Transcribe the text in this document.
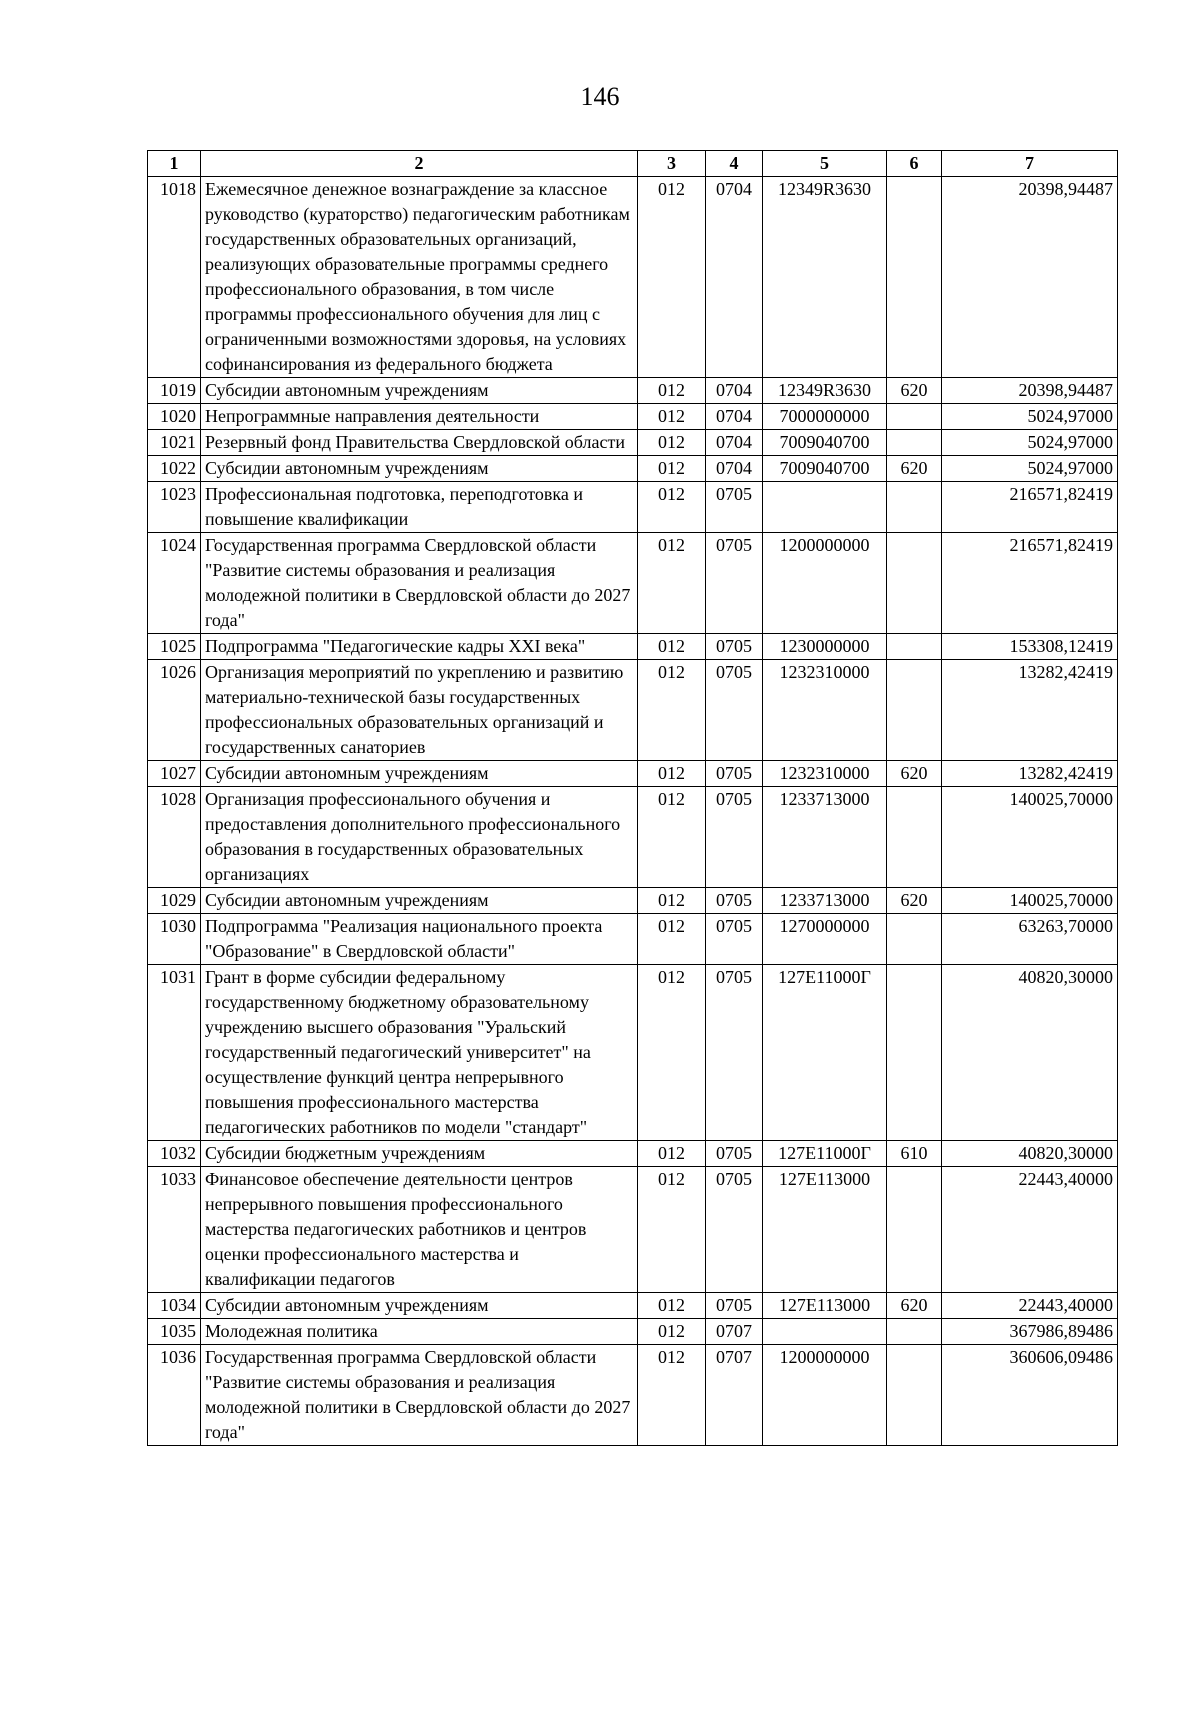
146
1	2	3	4	5	6	7
1018	Ежемесячное денежное вознаграждение за классное руководство (кураторство) педагогическим работникам государственных образовательных организаций, реализующих образовательные программы среднего профессионального образования, в том числе программы профессионального обучения для лиц с ограниченными возможностями здоровья, на условиях софинансирования из федерального бюджета	012	0704	12349R3630		20398,94487
1019	Субсидии автономным учреждениям	012	0704	12349R3630	620	20398,94487
1020	Непрограммные направления деятельности	012	0704	7000000000		5024,97000
1021	Резервный фонд Правительства Свердловской области	012	0704	7009040700		5024,97000
1022	Субсидии автономным учреждениям	012	0704	7009040700	620	5024,97000
1023	Профессиональная подготовка, переподготовка и повышение квалификации	012	0705			216571,82419
1024	Государственная программа Свердловской области "Развитие системы образования и реализация молодежной политики в Свердловской области до 2027 года"	012	0705	1200000000		216571,82419
1025	Подпрограмма "Педагогические кадры XXI века"	012	0705	1230000000		153308,12419
1026	Организация мероприятий по укреплению и развитию материально-технической базы государственных профессиональных образовательных организаций и государственных санаториев	012	0705	1232310000		13282,42419
1027	Субсидии автономным учреждениям	012	0705	1232310000	620	13282,42419
1028	Организация профессионального обучения и предоставления дополнительного профессионального образования в государственных образовательных организациях	012	0705	1233713000		140025,70000
1029	Субсидии автономным учреждениям	012	0705	1233713000	620	140025,70000
1030	Подпрограмма "Реализация национального проекта "Образование" в Свердловской области"	012	0705	1270000000		63263,70000
1031	Грант в форме субсидии федеральному государственному бюджетному образовательному учреждению высшего образования "Уральский государственный педагогический университет" на осуществление функций центра непрерывного повышения профессионального мастерства педагогических работников по модели "стандарт"	012	0705	127E11000Г		40820,30000
1032	Субсидии бюджетным учреждениям	012	0705	127E11000Г	610	40820,30000
1033	Финансовое обеспечение деятельности центров непрерывного повышения профессионального мастерства педагогических работников и центров оценки профессионального мастерства и квалификации педагогов	012	0705	127E113000		22443,40000
1034	Субсидии автономным учреждениям	012	0705	127E113000	620	22443,40000
1035	Молодежная политика	012	0707			367986,89486
1036	Государственная программа Свердловской области "Развитие системы образования и реализация молодежной политики в Свердловской области до 2027 года"	012	0707	1200000000		360606,09486
